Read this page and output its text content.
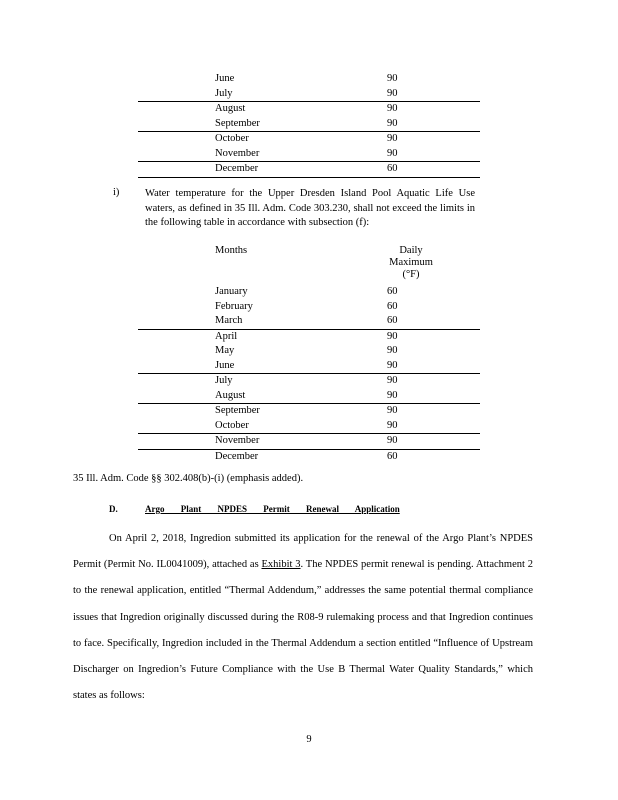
June	90
July	90
August	90
September	90
October	90
November	90
December	60
i) Water temperature for the Upper Dresden Island Pool Aquatic Life Use waters, as defined in 35 Ill. Adm. Code 303.230, shall not exceed the limits in the following table in accordance with subsection (f):
Months	Daily
Maximum
(°F)
January	60
February	60
March	60
April	90
May	90
June	90
July	90
August	90
September	90
October	90
November	90
December	60
35 Ill. Adm. Code §§ 302.408(b)-(i) (emphasis added).
D.	Argo Plant NPDES Permit Renewal Application

On April 2, 2018, Ingredion submitted its application for the renewal of the Argo Plant’s NPDES Permit (Permit No. IL0041009), attached as Exhibit 3. The NPDES permit renewal is pending. Attachment 2 to the renewal application, entitled “Thermal Addendum,” addresses the same potential thermal compliance issues that Ingredion originally discussed during the R08-9 rulemaking process and that Ingredion continues to face. Specifically, Ingredion included in the Thermal Addendum a section entitled “Influence of Upstream Discharger on Ingredion’s Future Compliance with the Use B Thermal Water Quality Standards,” which states as follows:

9
